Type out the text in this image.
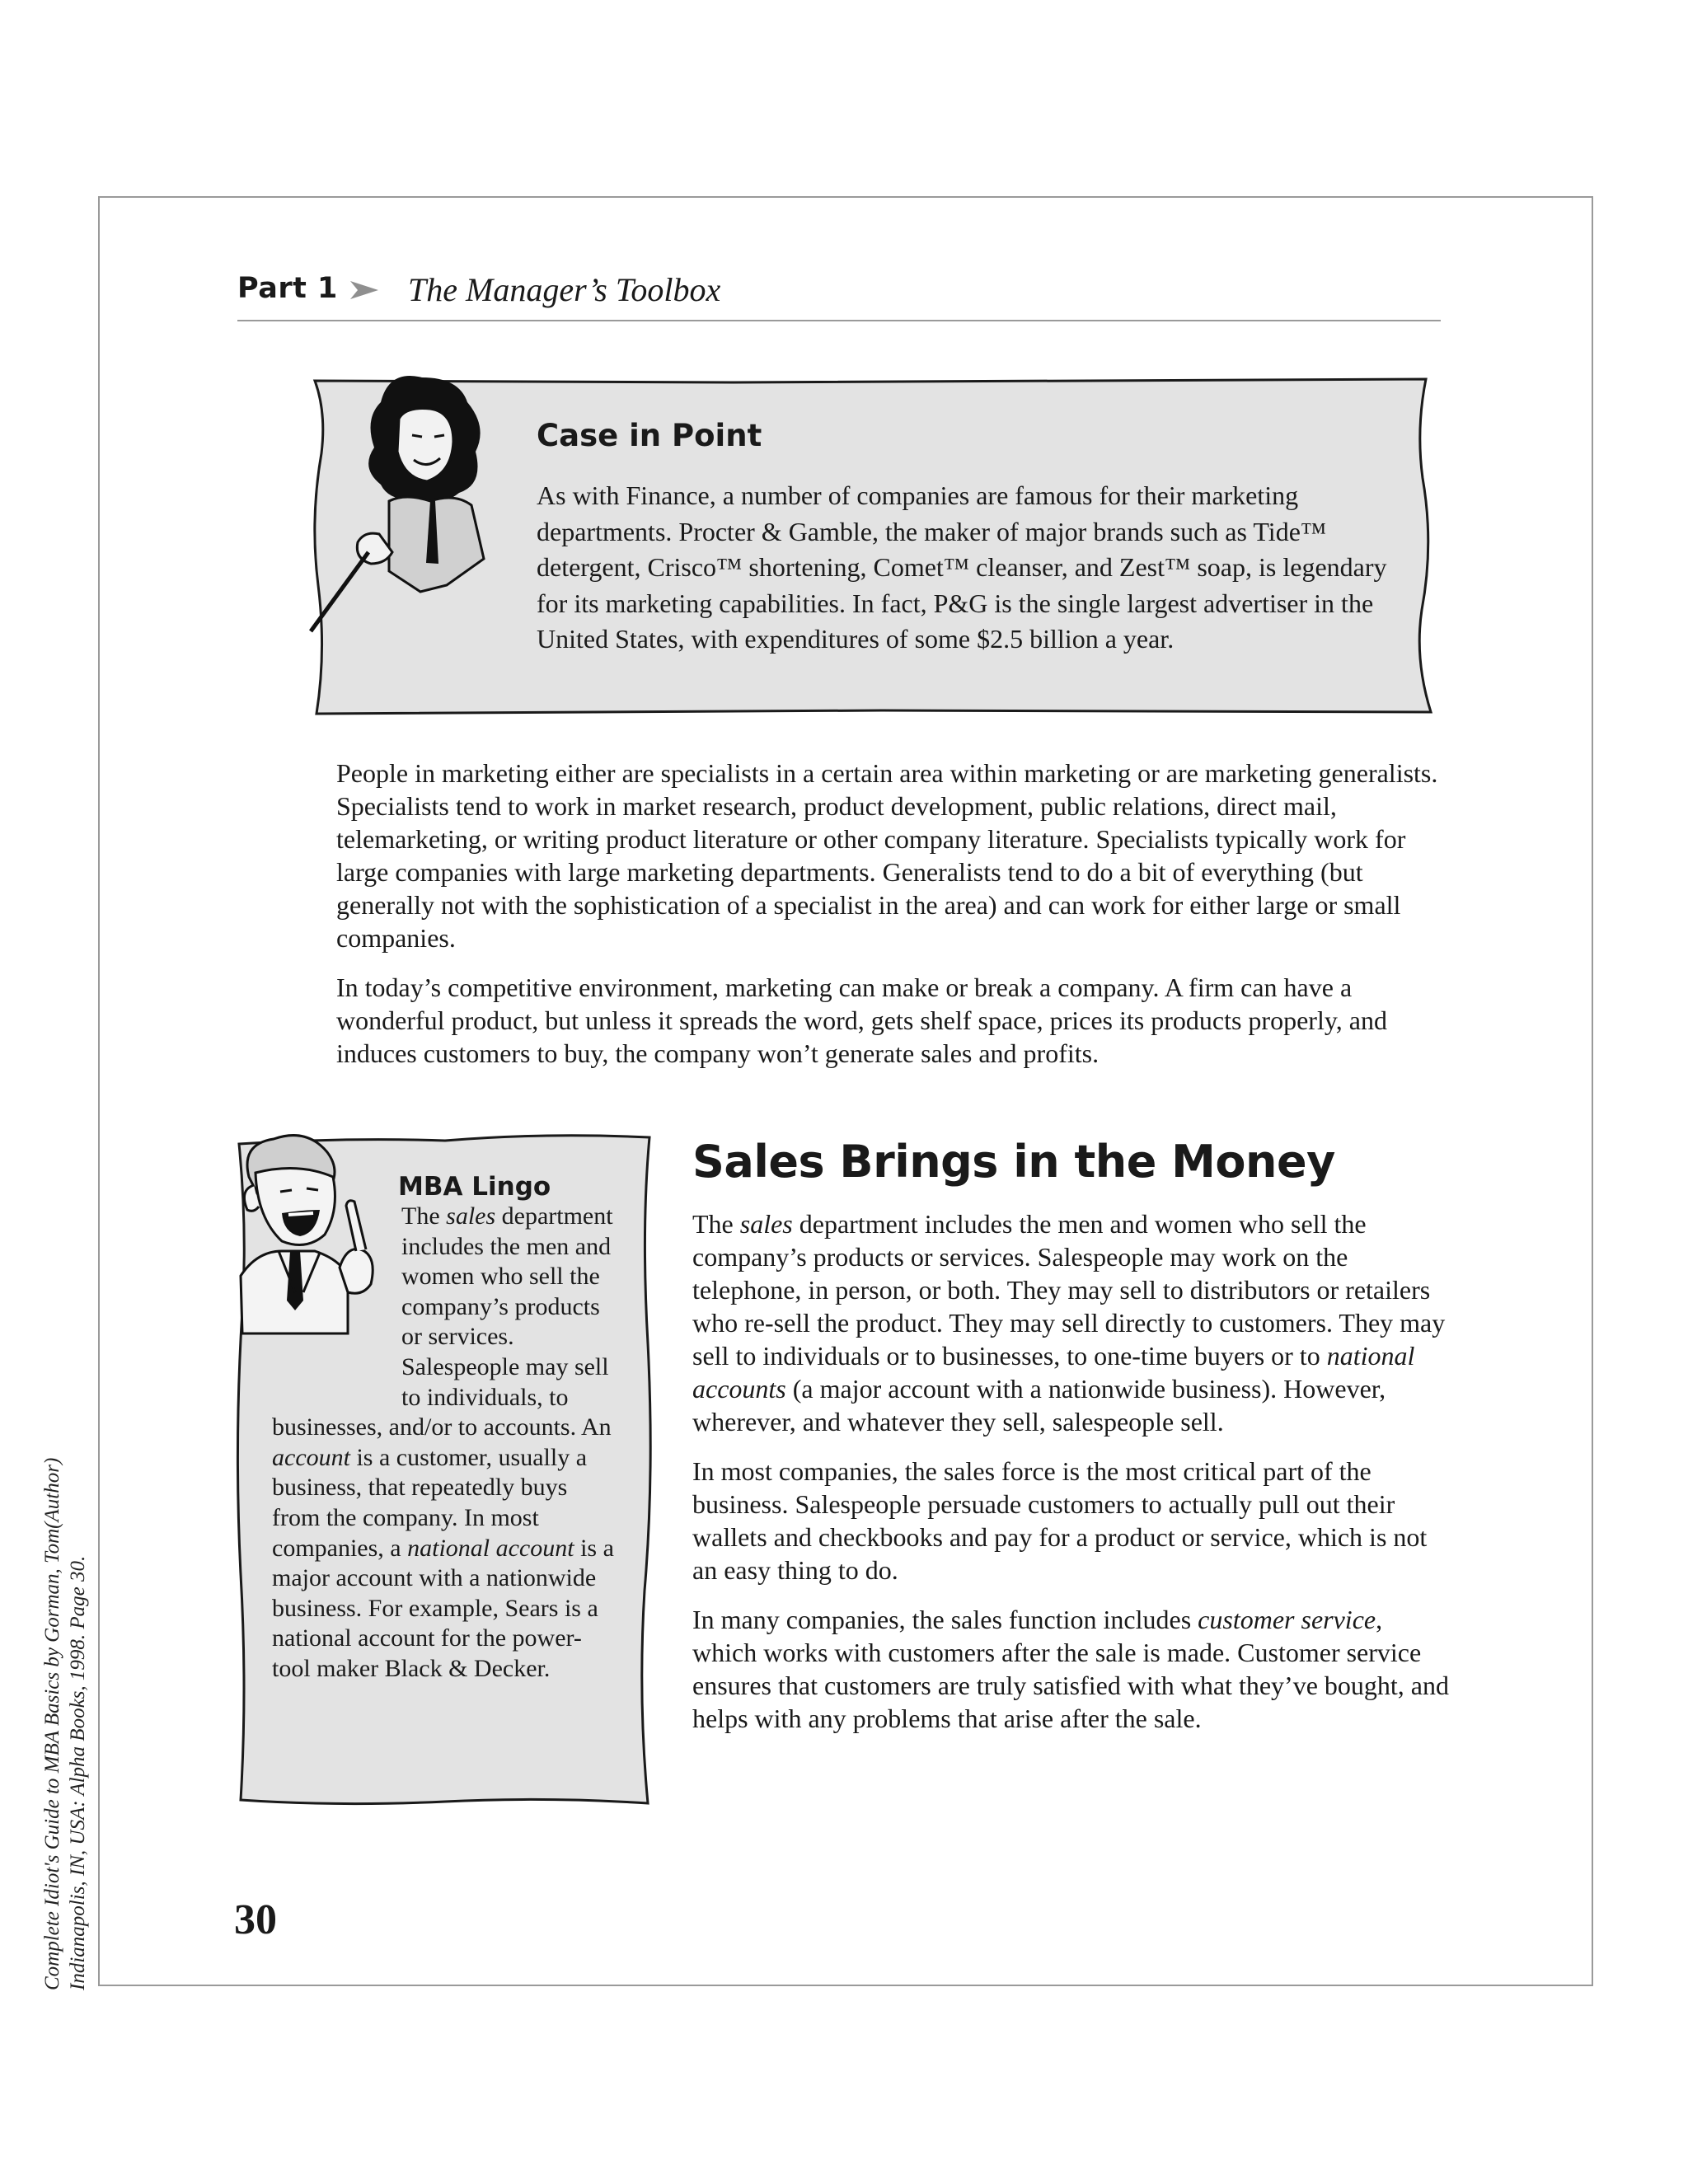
Complete Idiot's Guide to MBA Basics by Gorman, Tom(Author) Indianapolis, IN, USA: Alpha Books, 1998. Page 30.
Part 1 The Manager’s Toolbox
Case in Point
As with Finance, a number of companies are famous for their marketing departments. Procter & Gamble, the maker of major brands such as Tide™ detergent, Crisco™ shortening, Comet™ cleanser, and Zest™ soap, is legendary for its marketing capabilities. In fact, P&G is the single largest advertiser in the United States, with expenditures of some $2.5 billion a year.

People in marketing either are specialists in a certain area within marketing or are marketing generalists. Specialists tend to work in market research, product development, public relations, direct mail, telemarketing, or writing product literature or other company literature. Specialists typically work for large companies with large marketing departments. Generalists tend to do a bit of everything (but generally not with the sophistication of a specialist in the area) and can work for either large or small companies.

In today’s competitive environment, marketing can make or break a company. A firm can have a wonderful product, but unless it spreads the word, gets shelf space, prices its products properly, and induces customers to buy, the company won’t generate sales and profits.

MBA Lingo
The sales department includes the men and women who sell the company’s products or services. Salespeople may sell to individuals, to businesses, and/or to accounts. An account is a customer, usually a business, that repeatedly buys from the company. In most companies, a national account is a major account with a nationwide business. For example, Sears is a national account for the power-tool maker Black & Decker.
Sales Brings in the Money

The sales department includes the men and women who sell the company’s products or services. Salespeople may work on the telephone, in person, or both. They may sell to distributors or retailers who re-sell the product. They may sell directly to customers. They may sell to individuals or to businesses, to one-time buyers or to national accounts (a major account with a nationwide business). However, wherever, and whatever they sell, salespeople sell.

In most companies, the sales force is the most critical part of the business. Salespeople persuade customers to actually pull out their wallets and checkbooks and pay for a product or service, which is not an easy thing to do.

In many companies, the sales function includes customer service, which works with customers after the sale is made. Customer service ensures that customers are truly satisfied with what they’ve bought, and helps with any problems that arise after the sale.

30
